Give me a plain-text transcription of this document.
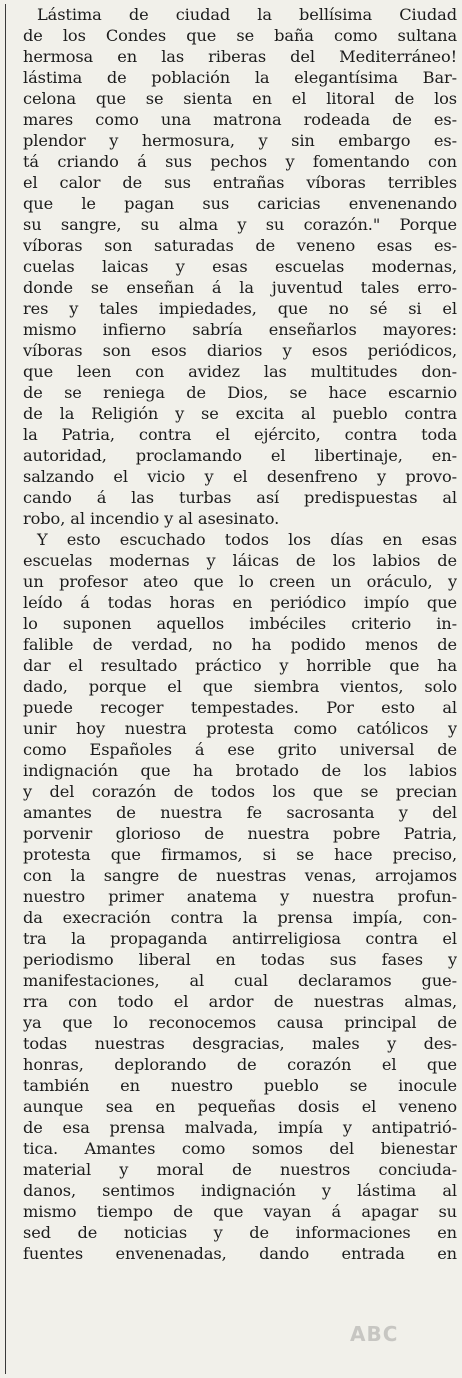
Lástima de ciudad la bellísima Ciudad
de los Condes que se baña como sultana
hermosa en las riberas del Mediterráneo!
lástima de población la elegantísima Bar-
celona que se sienta en el litoral de los
mares como una matrona rodeada de es-
plendor y hermosura, y sin embargo es-
tá criando á sus pechos y fomentando con
el calor de sus entrañas víboras terribles
que le pagan sus caricias envenenando
su sangre, su alma y su corazón." Porque
víboras son saturadas de veneno esas es-
cuelas laicas y esas escuelas modernas,
donde se enseñan á la juventud tales erro-
res y tales impiedades, que no sé si el
mismo infierno sabría enseñarlos mayores:
víboras son esos diarios y esos periódicos,
que leen con avidez las multitudes don-
de se reniega de Dios, se hace escarnio
de la Religión y se excita al pueblo contra
la Patria, contra el ejército, contra toda
autoridad, proclamando el libertinaje, en-
salzando el vicio y el desenfreno y provo-
cando á las turbas así predispuestas al
robo, al incendio y al asesinato.
Y esto escuchado todos los días en esas
escuelas modernas y láicas de los labios de
un profesor ateo que lo creen un oráculo, y
leído á todas horas en periódico impío que
lo suponen aquellos imbéciles criterio in-
falible de verdad, no ha podido menos de
dar el resultado práctico y horrible que ha
dado, porque el que siembra vientos, solo
puede recoger tempestades. Por esto al
unir hoy nuestra protesta como católicos y
como Españoles á ese grito universal de
indignación que ha brotado de los labios
y del corazón de todos los que se precian
amantes de nuestra fe sacrosanta y del
porvenir glorioso de nuestra pobre Patria,
protesta que firmamos, si se hace preciso,
con la sangre de nuestras venas, arrojamos
nuestro primer anatema y nuestra profun-
da execración contra la prensa impía, con-
tra la propaganda antirreligiosa contra el
periodismo liberal en todas sus fases y
manifestaciones, al cual declaramos gue-
rra con todo el ardor de nuestras almas,
ya que lo reconocemos causa principal de
todas nuestras desgracias, males y des-
honras, deplorando de corazón el que
también en nuestro pueblo se inocule
aunque sea en pequeñas dosis el veneno
de esa prensa malvada, impía y antipatrió-
tica. Amantes como somos del bienestar
material y moral de nuestros conciuda-
danos, sentimos indignación y lástima al
mismo tiempo de que vayan á apagar su
sed de noticias y de informaciones en
fuentes envenenadas, dando entrada en
ABC
